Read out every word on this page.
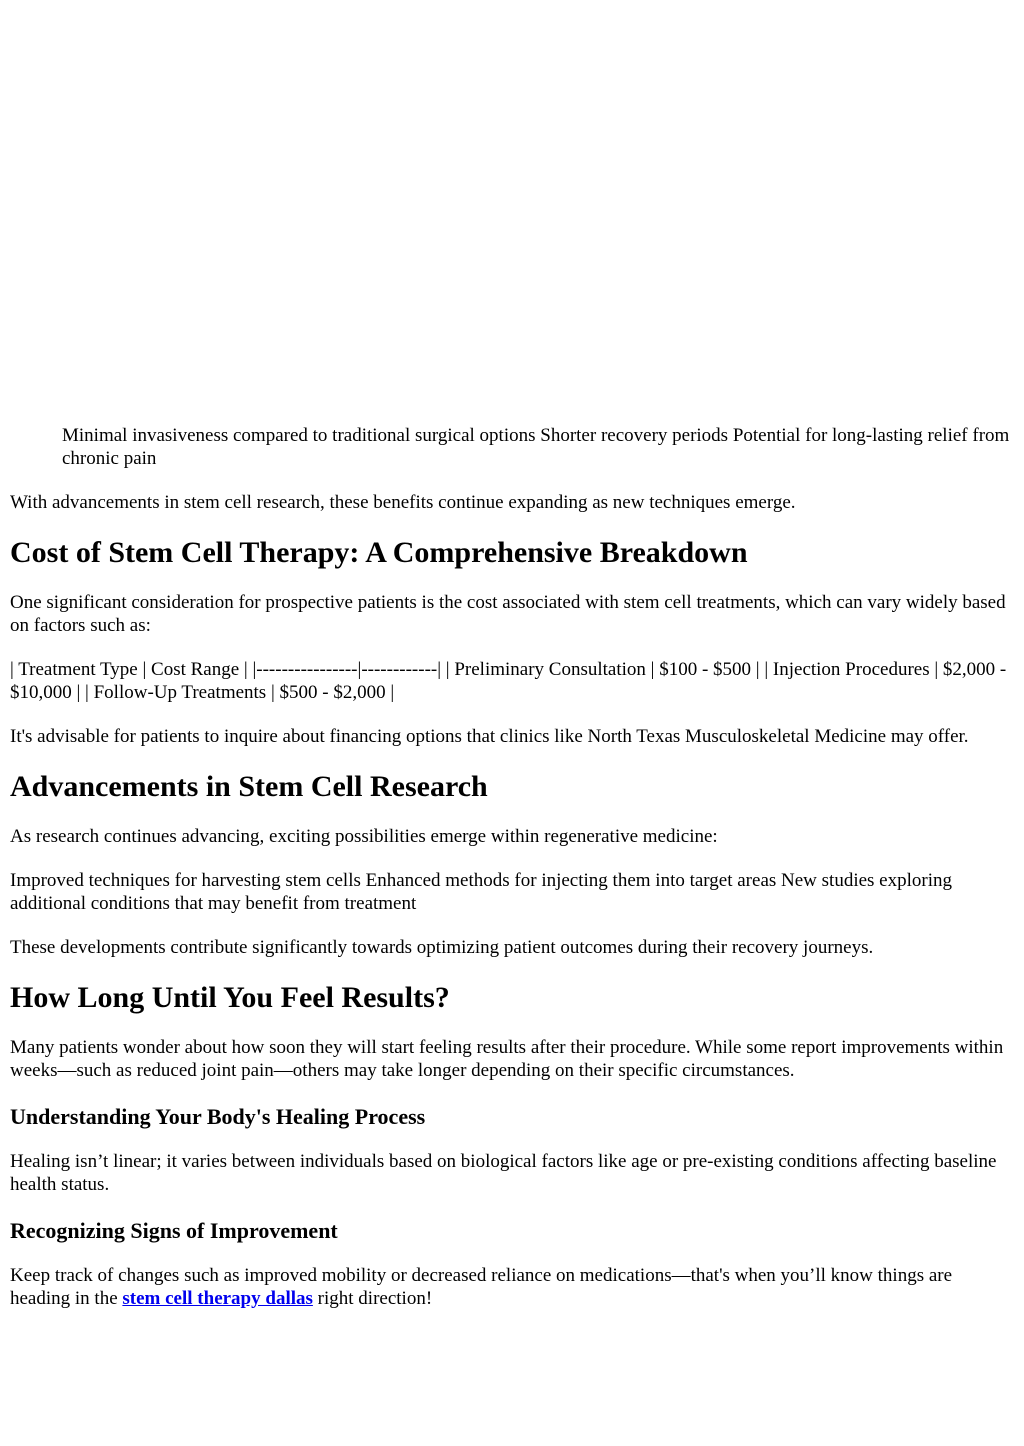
Minimal invasiveness compared to traditional surgical options Shorter recovery periods Potential for long-lasting relief from chronic pain

With advancements in stem cell research, these benefits continue expanding as new techniques emerge.

Cost of Stem Cell Therapy: A Comprehensive Breakdown

One significant consideration for prospective patients is the cost associated with stem cell treatments, which can vary widely based on factors such as:

| Treatment Type | Cost Range | |----------------|------------| | Preliminary Consultation | $100 - $500 | | Injection Procedures | $2,000 - $10,000 | | Follow-Up Treatments | $500 - $2,000 |

It's advisable for patients to inquire about financing options that clinics like North Texas Musculoskeletal Medicine may offer.

Advancements in Stem Cell Research

As research continues advancing, exciting possibilities emerge within regenerative medicine:

Improved techniques for harvesting stem cells Enhanced methods for injecting them into target areas New studies exploring additional conditions that may benefit from treatment

These developments contribute significantly towards optimizing patient outcomes during their recovery journeys.

How Long Until You Feel Results?

Many patients wonder about how soon they will start feeling results after their procedure. While some report improvements within weeks—such as reduced joint pain—others may take longer depending on their specific circumstances.

Understanding Your Body's Healing Process

Healing isn’t linear; it varies between individuals based on biological factors like age or pre-existing conditions affecting baseline health status.

Recognizing Signs of Improvement

Keep track of changes such as improved mobility or decreased reliance on medications—that's when you’ll know things are heading in the stem cell therapy dallas right direction!
